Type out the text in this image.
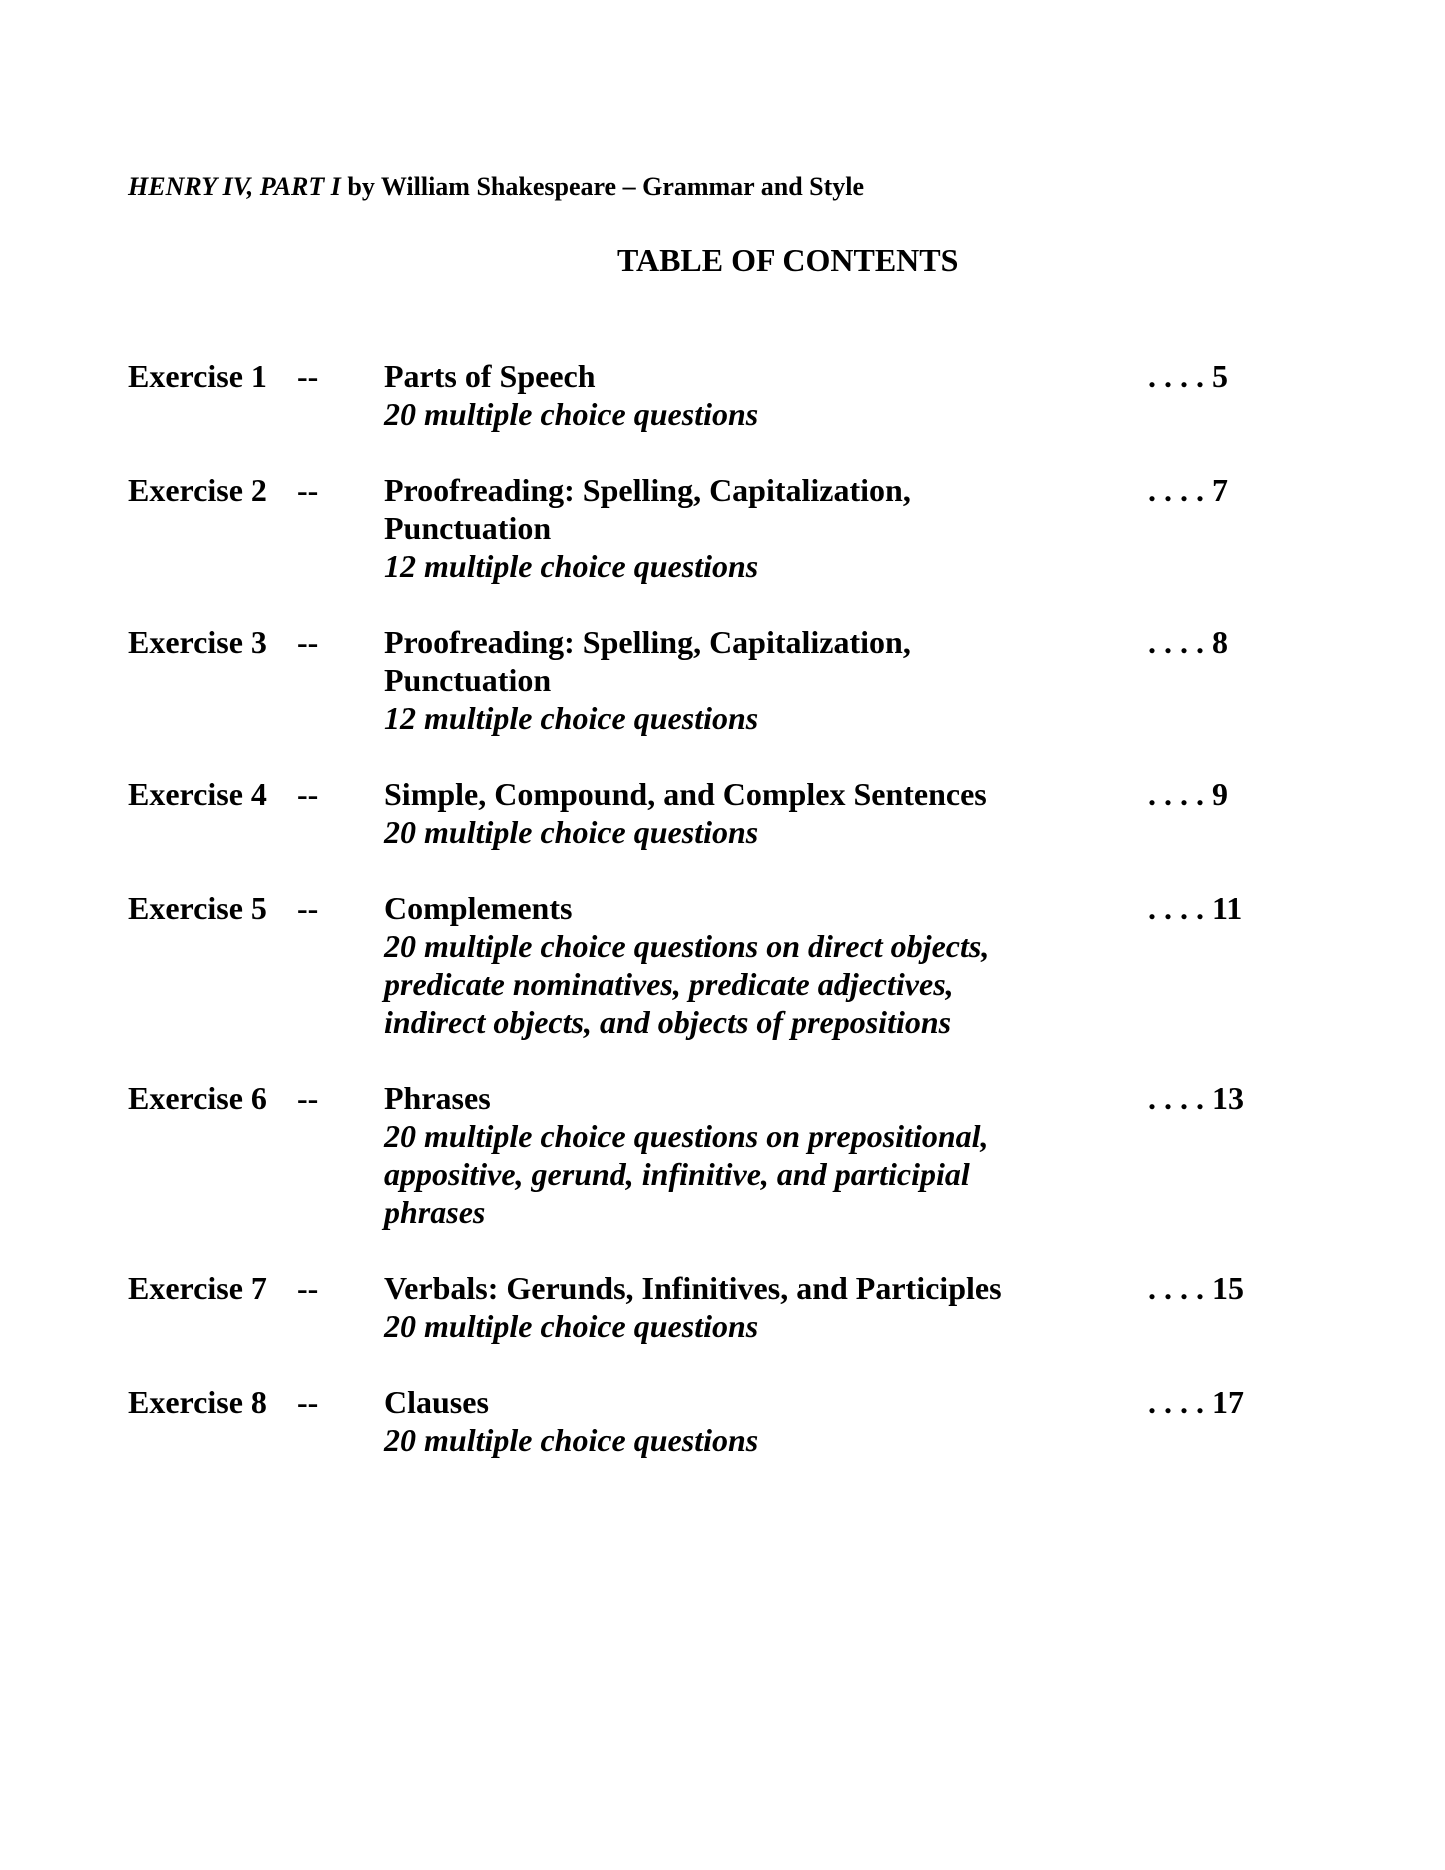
HENRY IV, PART I by William Shakespeare – Grammar and Style
TABLE OF CONTENTS
Exercise 1 -- Parts of Speech
20 multiple choice questions
. . . . 5
Exercise 2 -- Proofreading: Spelling, Capitalization, Punctuation
12 multiple choice questions
. . . . 7
Exercise 3 -- Proofreading: Spelling, Capitalization, Punctuation
12 multiple choice questions
. . . . 8
Exercise 4 -- Simple, Compound, and Complex Sentences
20 multiple choice questions
. . . . 9
Exercise 5 -- Complements
20 multiple choice questions on direct objects, predicate nominatives, predicate adjectives, indirect objects, and objects of prepositions
. . . . 11
Exercise 6 -- Phrases
20 multiple choice questions on prepositional, appositive, gerund, infinitive, and participial phrases
. . . . 13
Exercise 7 -- Verbals: Gerunds, Infinitives, and Participles
20 multiple choice questions
. . . . 15
Exercise 8 -- Clauses
20 multiple choice questions
. . . . 17
